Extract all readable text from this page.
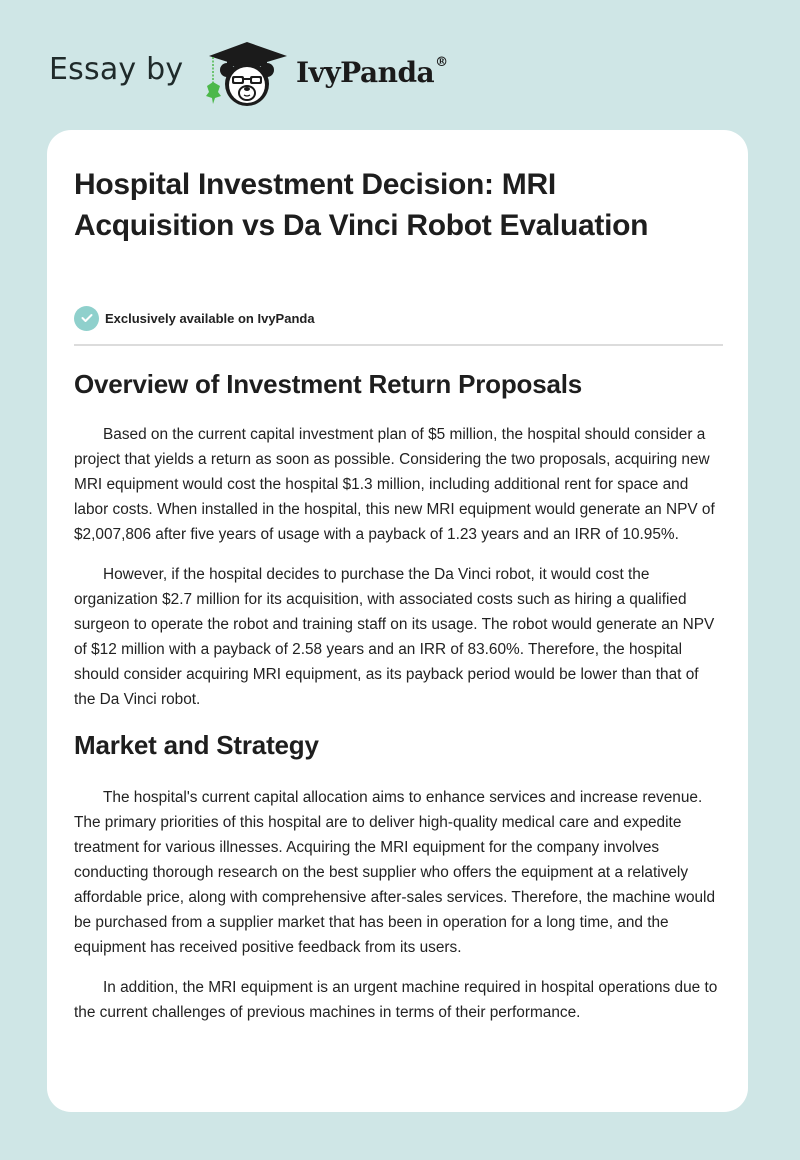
Essay by	IvyPanda®
Hospital Investment Decision: MRI Acquisition vs Da Vinci Robot Evaluation
Exclusively available on IvyPanda
Overview of Investment Return Proposals

Based on the current capital investment plan of $5 million, the hospital should consider a project that yields a return as soon as possible. Considering the two proposals, acquiring new MRI equipment would cost the hospital $1.3 million, including additional rent for space and labor costs. When installed in the hospital, this new MRI equipment would generate an NPV of $2,007,806 after five years of usage with a payback of 1.23 years and an IRR of 10.95%.

However, if the hospital decides to purchase the Da Vinci robot, it would cost the organization $2.7 million for its acquisition, with associated costs such as hiring a qualified surgeon to operate the robot and training staff on its usage. The robot would generate an NPV of $12 million with a payback of 2.58 years and an IRR of 83.60%. Therefore, the hospital should consider acquiring MRI equipment, as its payback period would be lower than that of the Da Vinci robot.

Market and Strategy

The hospital's current capital allocation aims to enhance services and increase revenue. The primary priorities of this hospital are to deliver high-quality medical care and expedite treatment for various illnesses. Acquiring the MRI equipment for the company involves conducting thorough research on the best supplier who offers the equipment at a relatively affordable price, along with comprehensive after-sales services. Therefore, the machine would be purchased from a supplier market that has been in operation for a long time, and the equipment has received positive feedback from its users.

In addition, the MRI equipment is an urgent machine required in hospital operations due to the current challenges of previous machines in terms of their performance.
